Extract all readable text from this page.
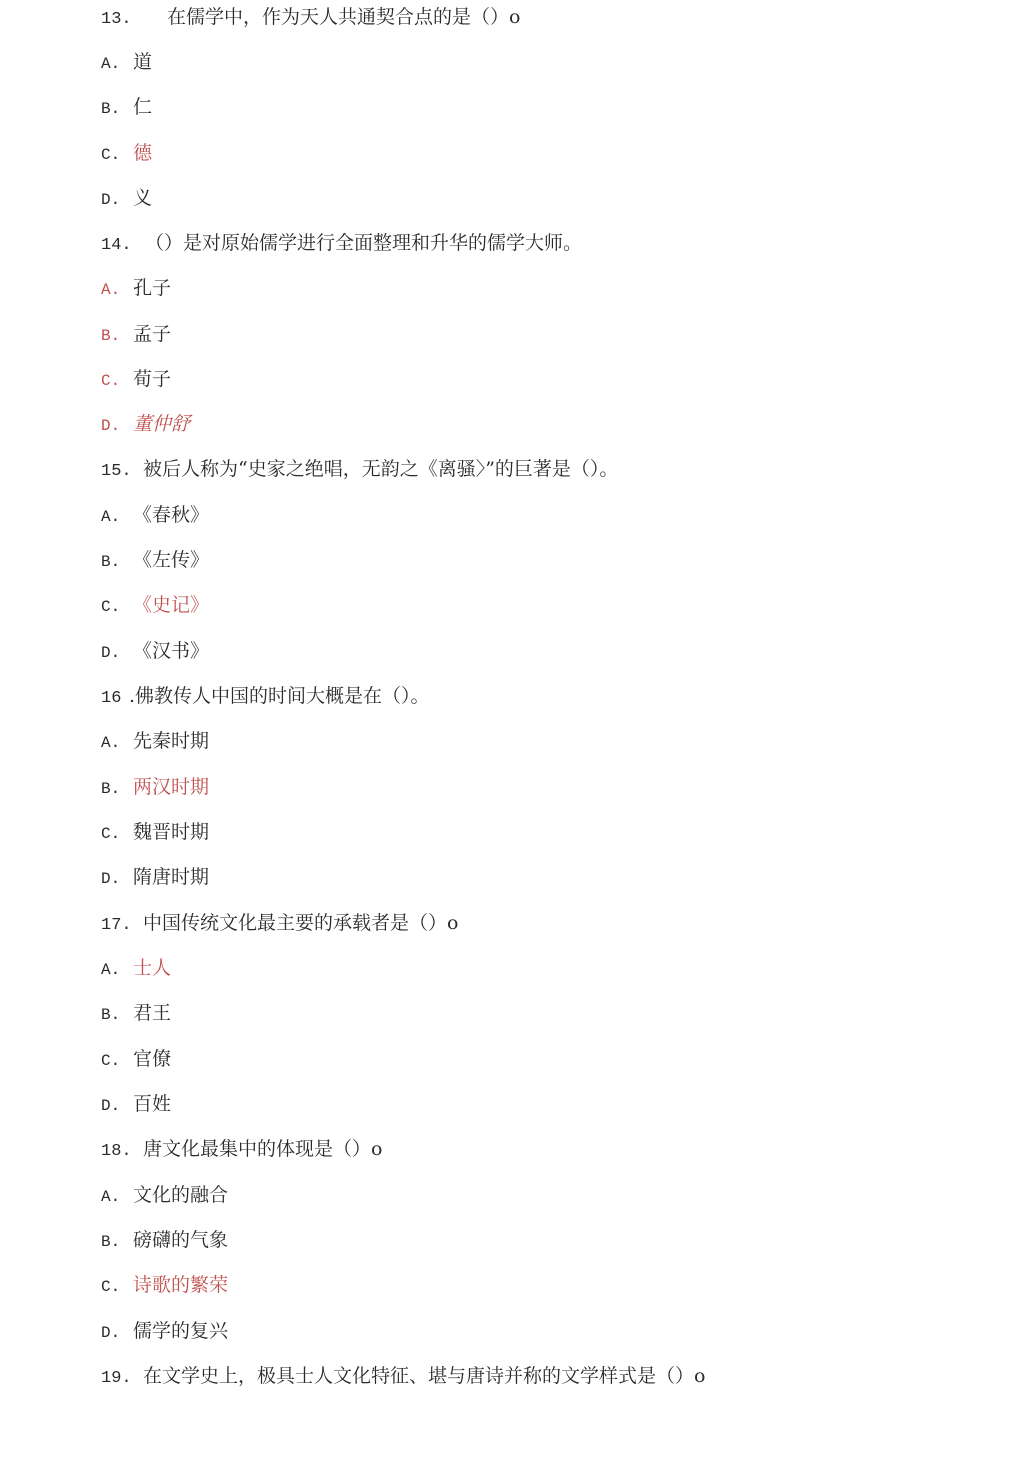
13. 在儒学中，作为天人共通契合点的是（）o
A. 道
B. 仁
C. 德
D. 义
14. （）是对原始儒学进行全面整理和升华的儒学大师。
A. 孔子
B. 孟子
C. 荀子
D. 董仲舒
15. 被后人称为“史家之绝唱，无韵之《离骚〉”的巨著是（）。
A. 《春秋》
B. 《左传》
C. 《史记》
D. 《汉书》
16 .佛教传人中国的时间大概是在（）。
A. 先秦时期
B. 两汉时期
C. 魏晋时期
D. 隋唐时期
17. 中国传统文化最主要的承载者是（）o
A. 士人
B. 君王
C. 官僚
D. 百姓
18. 唐文化最集中的体现是（）o
A. 文化的融合
B. 磅礴的气象
C. 诗歌的繁荣
D. 儒学的复兴
19. 在文学史上，极具士人文化特征、堪与唐诗并称的文学样式是（）o
